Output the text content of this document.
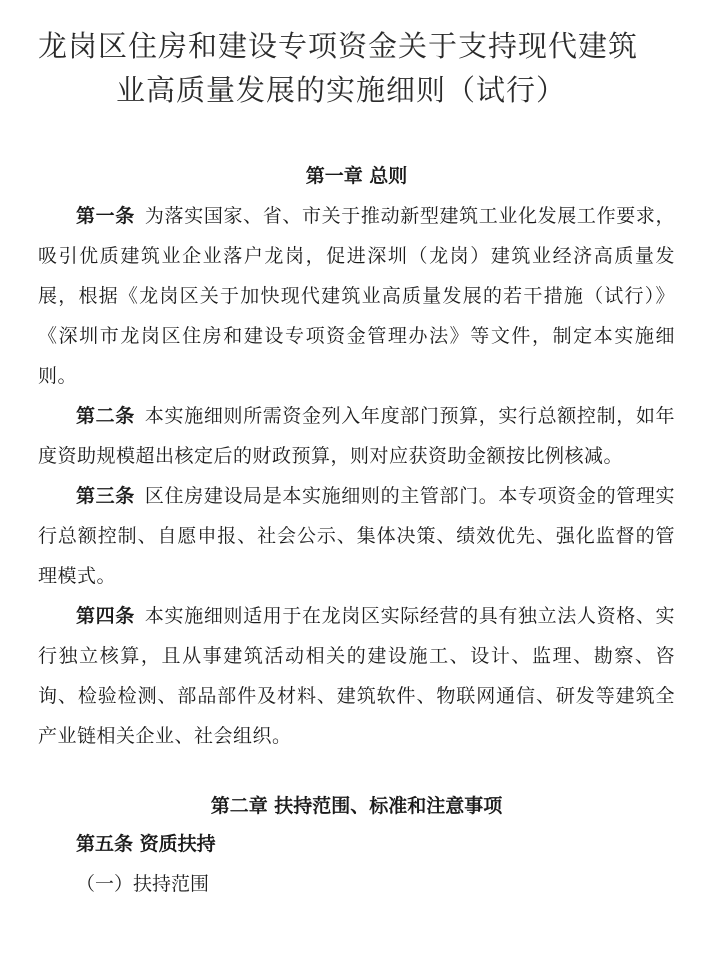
龙岗区住房和建设专项资金关于支持现代建筑
业高质量发展的实施细则（试行）
第一章 总则

第一条 为落实国家、省、市关于推动新型建筑工业化发展工作要求，吸引优质建筑业企业落户龙岗，促进深圳（龙岗）建筑业经济高质量发展，根据《龙岗区关于加快现代建筑业高质量发展的若干措施（试行）》《深圳市龙岗区住房和建设专项资金管理办法》等文件，制定本实施细则。

第二条 本实施细则所需资金列入年度部门预算，实行总额控制，如年度资助规模超出核定后的财政预算，则对应获资助金额按比例核减。

第三条 区住房建设局是本实施细则的主管部门。本专项资金的管理实行总额控制、自愿申报、社会公示、集体决策、绩效优先、强化监督的管理模式。

第四条 本实施细则适用于在龙岗区实际经营的具有独立法人资格、实行独立核算，且从事建筑活动相关的建设施工、设计、监理、勘察、咨询、检验检测、部品部件及材料、建筑软件、物联网通信、研发等建筑全产业链相关企业、社会组织。

第二章 扶持范围、标准和注意事项

第五条 资质扶持

（一）扶持范围
